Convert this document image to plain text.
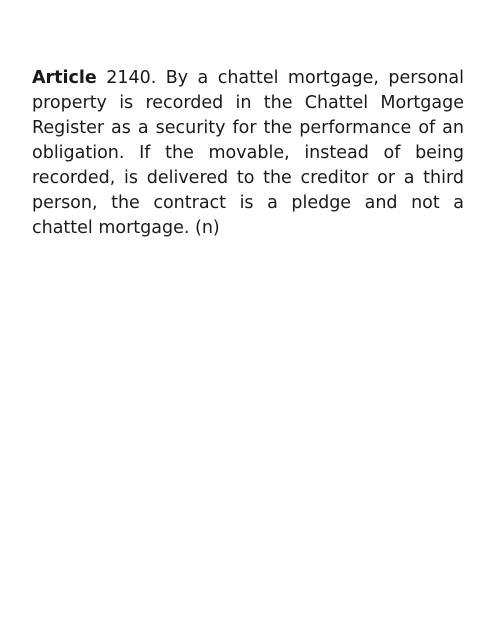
Article 2140. By a chattel mortgage, personal property is recorded in the Chattel Mortgage Register as a security for the performance of an obligation. If the movable, instead of being recorded, is delivered to the creditor or a third person, the contract is a pledge and not a chattel mortgage. (n)
